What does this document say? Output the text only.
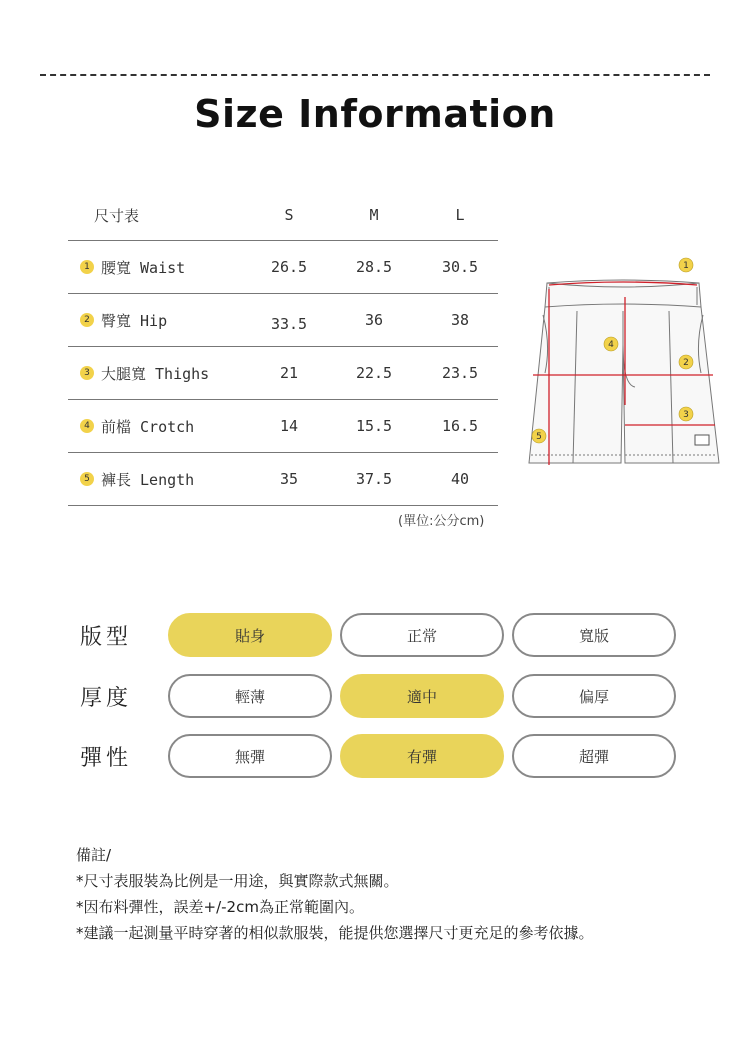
Size Information
尺寸表	S	M	L
1 腰寬 Waist	26.5	28.5	30.5
2 臀寬 Hip	33.5	36	38
3 大腿寬 Thighs	21	22.5	23.5
4 前檔 Crotch	14	15.5	16.5
5 褲長 Length	35	37.5	40
(單位:公分cm)
1
2
3
4
5
版型	貼身	正常	寬版
厚度	輕薄	適中	偏厚
彈性	無彈	有彈	超彈
備註/
*尺寸表服裝為比例是一用途，與實際款式無關。
*因布料彈性，誤差+/-2cm為正常範圍內。
*建議一起測量平時穿著的相似款服裝，能提供您選擇尺寸更充足的參考依據。
